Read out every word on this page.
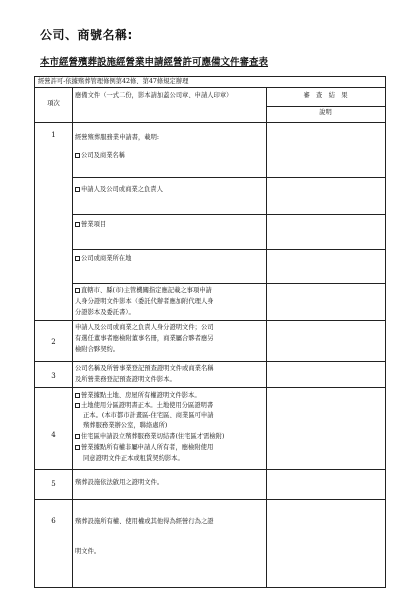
公司、商號名稱:
本市經營殯葬設施經營業申請經營許可應備文件審查表
經營許可-依據殯葬管理條例第42條、第47條規定辦理
項次
應備文件（一式二份，影本請加蓋公司章、申請人印章）	審　查　結　果
說明
1	經營殯葬服務業申請書，載明:
公司及商業名稱
申請人及公司或商業之負責人
營業項目
公司或商業所在地
直轄市、縣(市)主管機關指定應記載之事項申請
人身分證明文件影本（委託代辦者應加附代理人身
分證影本及委託書）。
2
申請人及公司或商業之負責人身分證明文件；公司
有選任董事者應檢附董事名冊，商業屬合夥者應另
檢附合夥契約。
3
公司名稱及所營事業登記預查證明文件或商業名稱
及所營業務登記預查證明文件影本。
4
營業據點土地、房屋所有權證明文件影本。
土地使用分區證明書正本。土地使用分區證明書
正本。(本市都市計畫區-住宅區、商業區可申請
殯葬服務業辦公室，聯絡處所)
住宅區申請設立殯葬服務業切結書(住宅區才需檢附)
營業據點所有權非屬申請人所有者，應檢附使用
同意證明文件正本或租賃契約影本。
5	殯葬設施依法啟用之證明文件。
6	殯葬設施所有權、使用權或其他得為經營行為之證
明文件。
